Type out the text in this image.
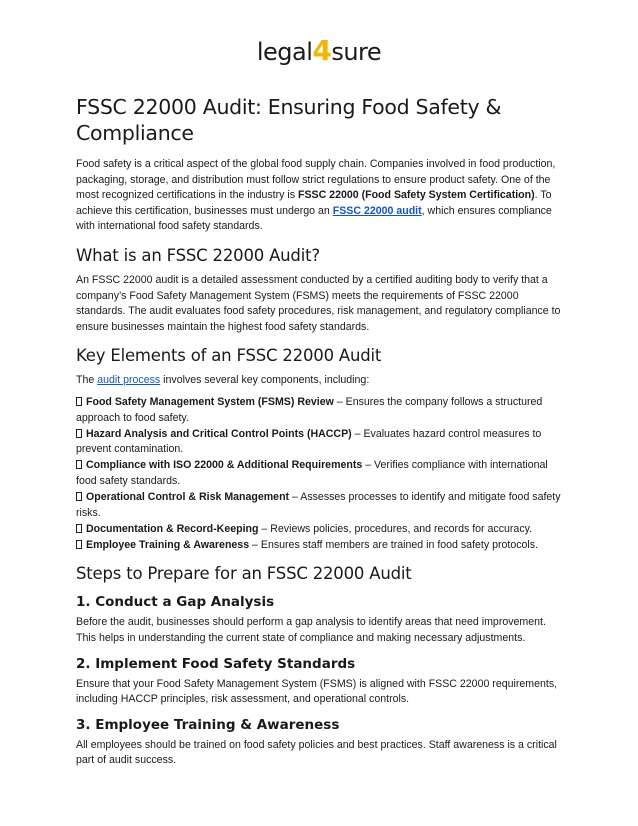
legal4sure
FSSC 22000 Audit: Ensuring Food Safety & Compliance

Food safety is a critical aspect of the global food supply chain. Companies involved in food production, packaging, storage, and distribution must follow strict regulations to ensure product safety. One of the most recognized certifications in the industry is FSSC 22000 (Food Safety System Certification). To achieve this certification, businesses must undergo an FSSC 22000 audit, which ensures compliance with international food safety standards.

What is an FSSC 22000 Audit?

An FSSC 22000 audit is a detailed assessment conducted by a certified auditing body to verify that a company’s Food Safety Management System (FSMS) meets the requirements of FSSC 22000 standards. The audit evaluates food safety procedures, risk management, and regulatory compliance to ensure businesses maintain the highest food safety standards.

Key Elements of an FSSC 22000 Audit

The audit process involves several key components, including:

Food Safety Management System (FSMS) Review – Ensures the company follows a structured approach to food safety.
Hazard Analysis and Critical Control Points (HACCP) – Evaluates hazard control measures to prevent contamination.
Compliance with ISO 22000 & Additional Requirements – Verifies compliance with international food safety standards.
Operational Control & Risk Management – Assesses processes to identify and mitigate food safety risks.
Documentation & Record-Keeping – Reviews policies, procedures, and records for accuracy.
Employee Training & Awareness – Ensures staff members are trained in food safety protocols.
Steps to Prepare for an FSSC 22000 Audit
1. Conduct a Gap Analysis

Before the audit, businesses should perform a gap analysis to identify areas that need improvement. This helps in understanding the current state of compliance and making necessary adjustments.

2. Implement Food Safety Standards

Ensure that your Food Safety Management System (FSMS) is aligned with FSSC 22000 requirements, including HACCP principles, risk assessment, and operational controls.

3. Employee Training & Awareness

All employees should be trained on food safety policies and best practices. Staff awareness is a critical part of audit success.
